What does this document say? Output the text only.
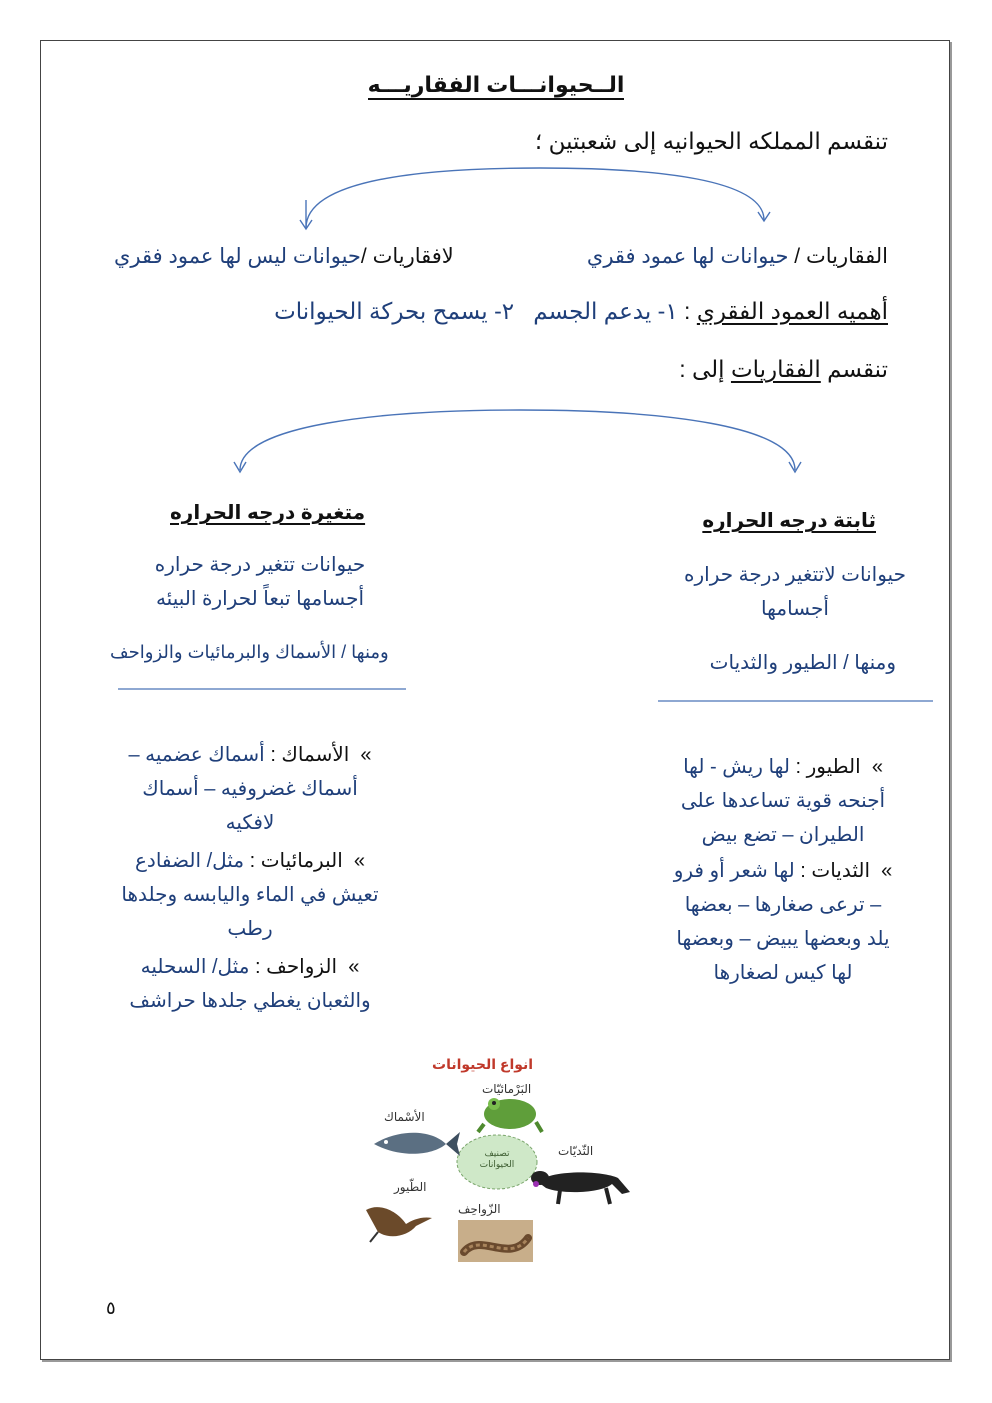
الــحيوانـــات الفقاريـــه
تنقسم المملكه الحيوانيه إلى شعبتين ؛
الفقاريات / حيوانات لها عمود فقري
لافقاريات /حيوانات ليس لها عمود فقري
أهميه العمود الفقري : ١- يدعم الجسم   ٢- يسمح بحركة الحيوانات
تنقسم الفقاريات إلى :
ثابتة درجه الحراره
حيوانات لاتتغير درجة حراره
أجسامها
ومنها / الطيور والثديات
»  الطيور : لها ريش - لها
أجنحه قوية تساعدها على
الطيران – تضع بيض
»  الثديات : لها شعر أو فرو
– ترعى صغارها – بعضها
يلد وبعضها يبيض – وبعضها
لها كيس لصغارها
متغيرة درجه الحراره
حيوانات تتغير درجة حراره
أجسامها تبعاً لحرارة البيئه
ومنها / الأسماك والبرمائيات والزواحف
»  الأسماك : أسماك عضميه –
أسماك غضروفيه – أسماك
لافكيه
»  البرمائيات : مثل/ الضفادع
تعيش في الماء واليابسه وجلدها
رطب
»  الزواحف : مثل/ السحليه
والثعبان يغطي جلدها حراشف
انواع الحيوانات
تصنيف الحيوانات
الأسْماك
البَرْمائيّات
الثّديّات
الطّيور
الزّواحِف
٥
